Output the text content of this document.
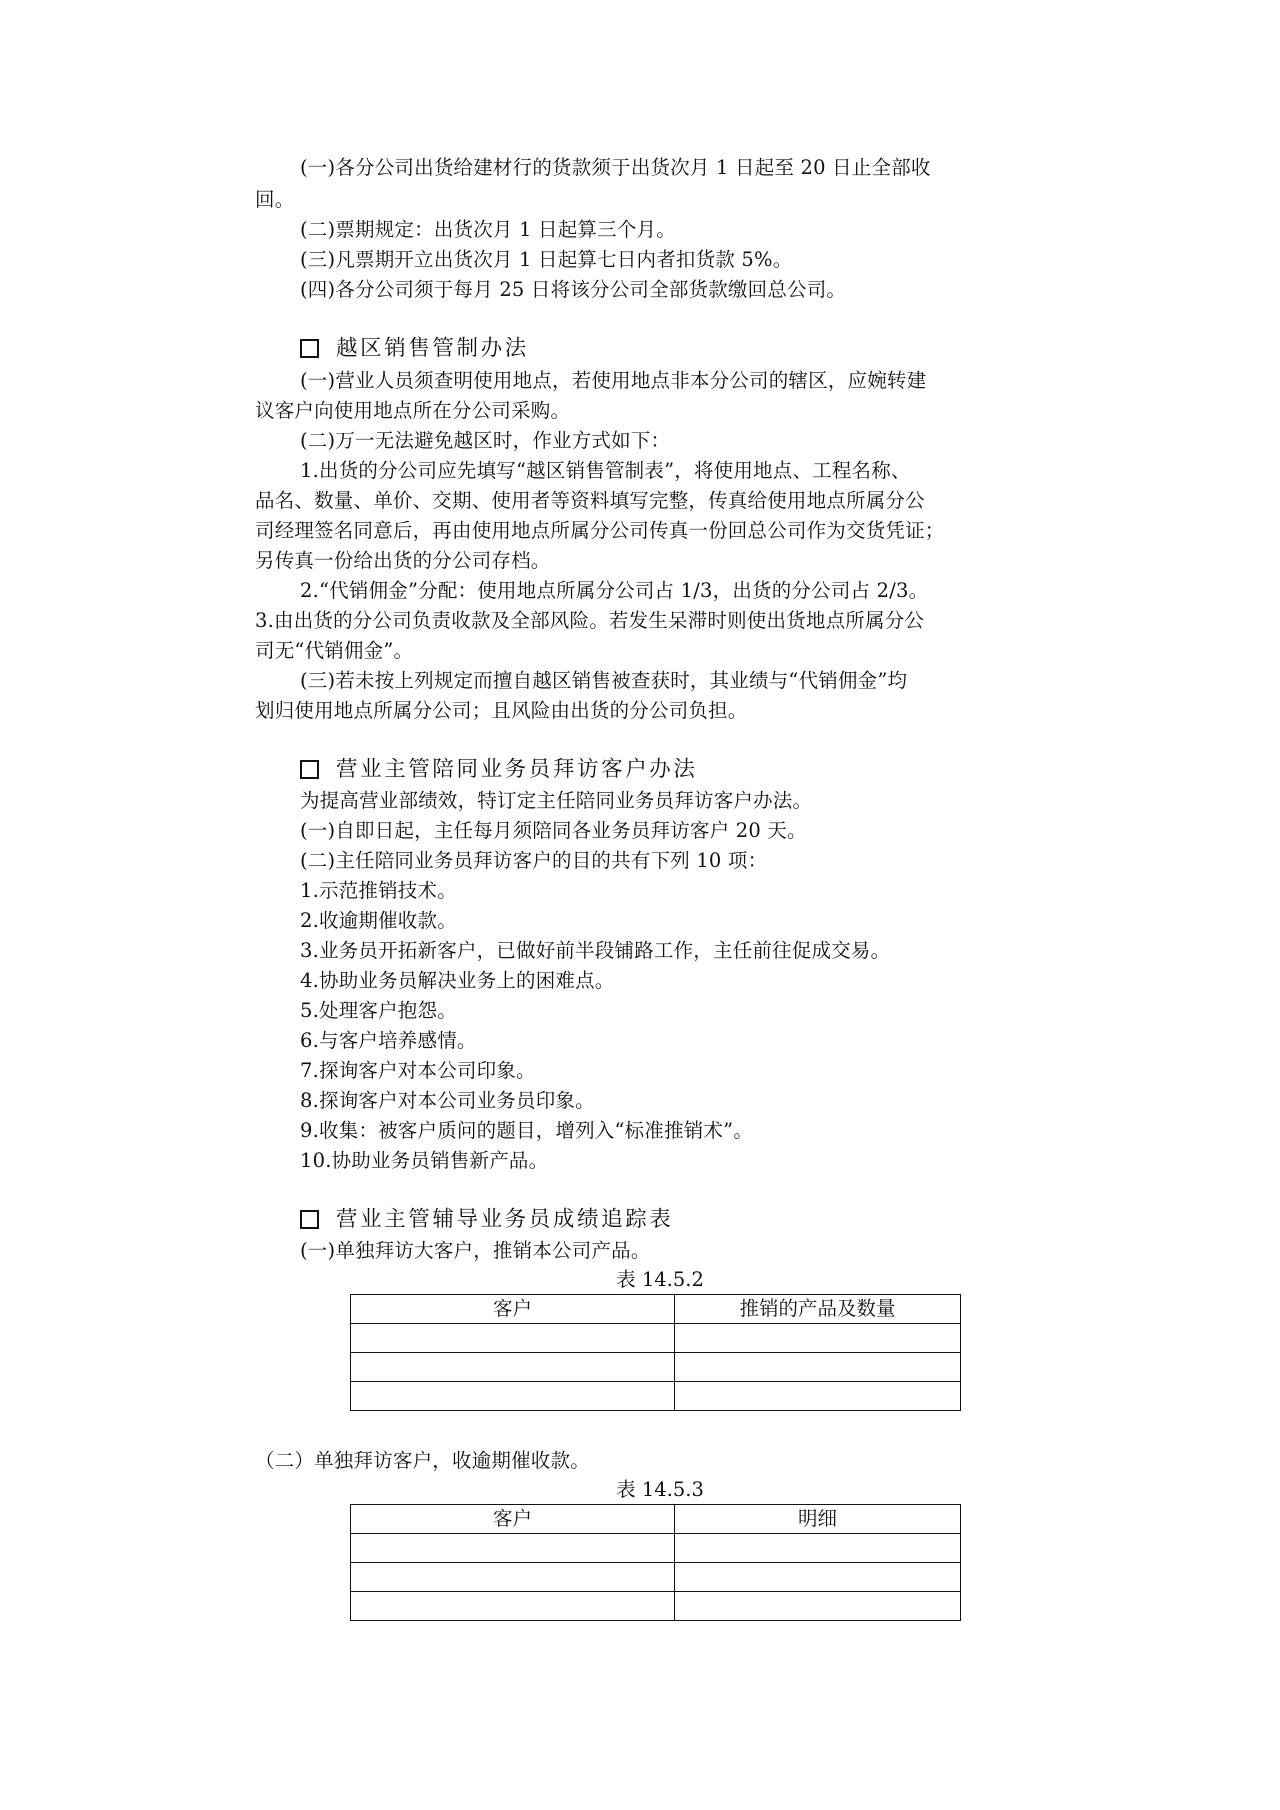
(一)各分公司出货给建材行的货款须于出货次月 1 日起至 20 日止全部收
回。
(二)票期规定：出货次月 1 日起算三个月。
(三)凡票期开立出货次月 1 日起算七日内者扣货款 5%。
(四)各分公司须于每月 25 日将该分公司全部货款缴回总公司。
越区销售管制办法
(一)营业人员须查明使用地点，若使用地点非本分公司的辖区，应婉转建
议客户向使用地点所在分公司采购。
(二)万一无法避免越区时，作业方式如下：
1.出货的分公司应先填写“越区销售管制表”，将使用地点、工程名称、
品名、数量、单价、交期、使用者等资料填写完整，传真给使用地点所属分公
司经理签名同意后，再由使用地点所属分公司传真一份回总公司作为交货凭证；
另传真一份给出货的分公司存档。
2.“代销佣金”分配：使用地点所属分公司占 1/3，出货的分公司占 2/3。
3.由出货的分公司负责收款及全部风险。若发生呆滞时则使出货地点所属分公
司无“代销佣金”。
(三)若未按上列规定而擅自越区销售被查获时，其业绩与“代销佣金”均
划归使用地点所属分公司；且风险由出货的分公司负担。
营业主管陪同业务员拜访客户办法
为提高营业部绩效，特订定主任陪同业务员拜访客户办法。
(一)自即日起，主任每月须陪同各业务员拜访客户 20 天。
(二)主任陪同业务员拜访客户的目的共有下列 10 项：
1.示范推销技术。
2.收逾期催收款。
3.业务员开拓新客户，已做好前半段铺路工作，主任前往促成交易。
4.协助业务员解决业务上的困难点。
5.处理客户抱怨。
6.与客户培养感情。
7.探询客户对本公司印象。
8.探询客户对本公司业务员印象。
9.收集：被客户质问的题目，增列入“标准推销术”。
10.协助业务员销售新产品。
营业主管辅导业务员成绩追踪表
(一)单独拜访大客户，推销本公司产品。
表 14.5.2
客户	推销的产品及数量

（二）单独拜访客户，收逾期催收款。
表 14.5.3
客户	明细
